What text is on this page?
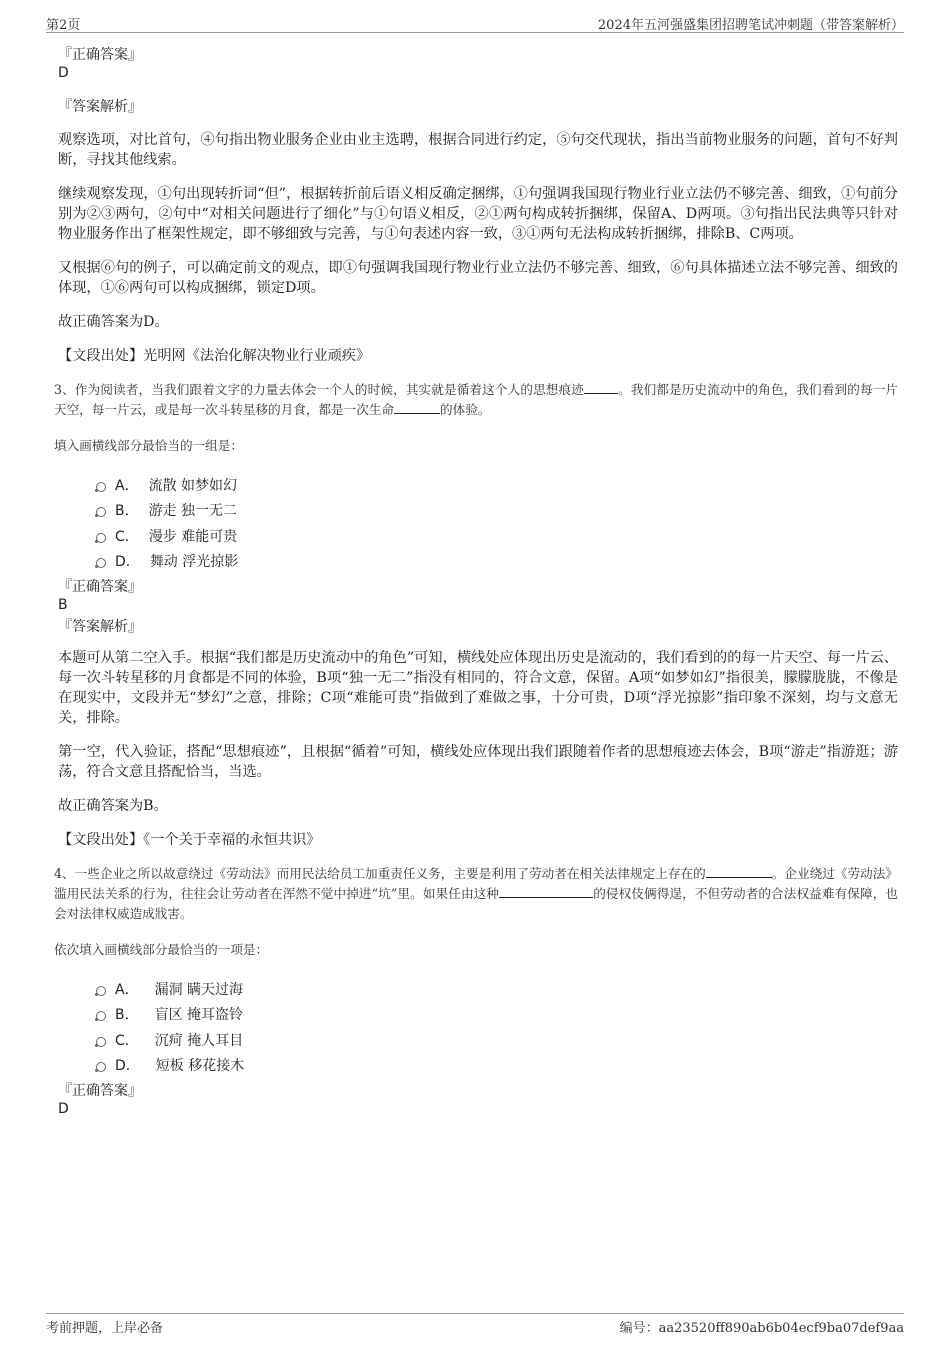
第2页	2024年五河强盛集团招聘笔试冲刺题（带答案解析）
『正确答案』
D
『答案解析』

观察选项，对比首句，④句指出物业服务企业由业主选聘，根据合同进行约定，⑤句交代现状，指出当前物业服务的问题，首句不好判断，寻找其他线索。

继续观察发现，①句出现转折词“但”，根据转折前后语义相反确定捆绑，①句强调我国现行物业行业立法仍不够完善、细致，①句前分别为②③两句，②句中“对相关问题进行了细化”与①句语义相反，②①两句构成转折捆绑，保留A、D两项。③句指出民法典等只针对物业服务作出了框架性规定，即不够细致与完善，与①句表述内容一致，③①两句无法构成转折捆绑，排除B、C两项。

又根据⑥句的例子，可以确定前文的观点，即①句强调我国现行物业行业立法仍不够完善、细致，⑥句具体描述立法不够完善、细致的体现，①⑥两句可以构成捆绑，锁定D项。

故正确答案为D。

【文段出处】光明网《法治化解决物业行业顽疾》

3、作为阅读者，当我们跟着文字的力量去体会一个人的时候，其实就是循着这个人的思想痕迹	。我们都是历史流动中的角色，我们看到的每一片天空，每一片云，或是每一次斗转星移的月食，都是一次生命	的体验。

填入画横线部分最恰当的一组是：

A． 流散 如梦如幻
B． 游走 独一无二
C． 漫步 难能可贵
D． 舞动 浮光掠影
『正确答案』
B
『答案解析』

本题可从第二空入手。根据“我们都是历史流动中的角色”可知，横线处应体现出历史是流动的，我们看到的的每一片天空、每一片云、每一次斗转星移的月食都是不同的体验，B项“独一无二”指没有相同的，符合文意，保留。A项“如梦如幻”指很美，朦朦胧胧，不像是在现实中，文段并无“梦幻”之意，排除；C项“难能可贵”指做到了难做之事，十分可贵，D项“浮光掠影”指印象不深刻，均与文意无关，排除。

第一空，代入验证，搭配“思想痕迹”，且根据“循着”可知，横线处应体现出我们跟随着作者的思想痕迹去体会，B项“游走”指游逛；游荡，符合文意且搭配恰当，当选。

故正确答案为B。

【文段出处】《一个关于幸福的永恒共识》

4、一些企业之所以故意绕过《劳动法》而用民法给员工加重责任义务，主要是利用了劳动者在相关法律规定上存在的	。企业绕过《劳动法》滥用民法关系的行为，往往会让劳动者在浑然不觉中掉进“坑”里。如果任由这种	的侵权伎俩得逞，不但劳动者的合法权益难有保障，也会对法律权威造成戕害。

依次填入画横线部分最恰当的一项是：

A． 漏洞 瞒天过海
B． 盲区 掩耳盗铃
C． 沉疴 掩人耳目
D． 短板 移花接木
『正确答案』
D
考前押题，上岸必备	编号：aa23520ff890ab6b04ecf9ba07def9aa
